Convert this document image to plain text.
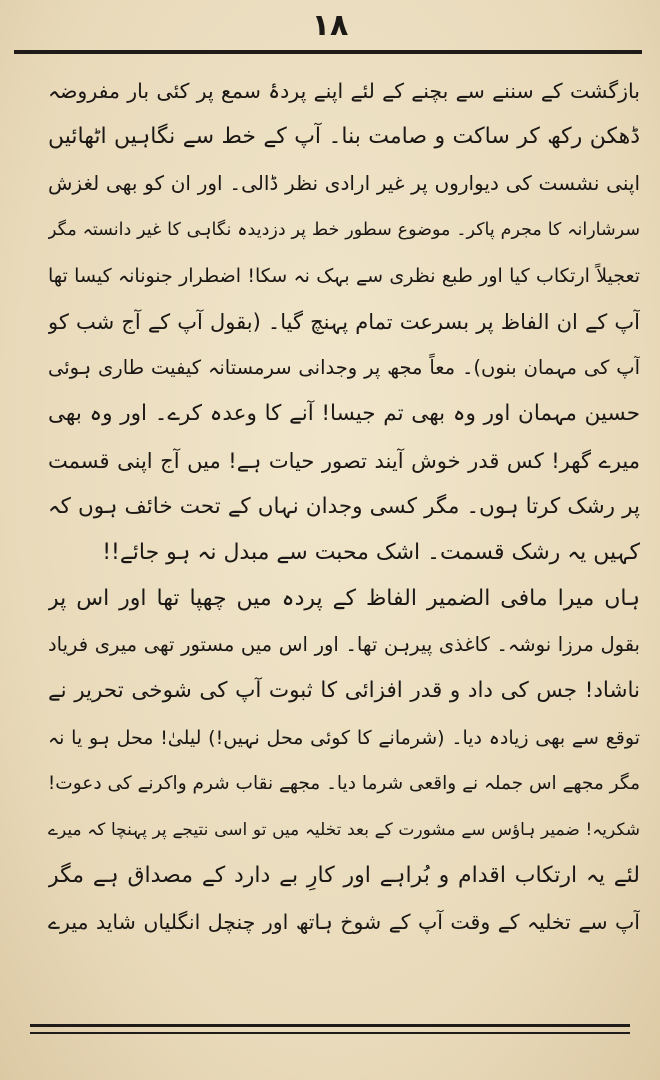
۱۸
بازگشت کے سننے سے بچنے کے لئے اپنے پردۂ سمع پر کئی بار مفروضہ
ڈھکن رکھ کر ساکت و صامت بنا۔ آپ کے خط سے نگاہیں اٹھائیں
اپنی نشست کی دیواروں پر غیر ارادی نظر ڈالی۔ اور ان کو بھی لغزش
سرشارانہ کا مجرم پاکر۔ موضوع سطور خط پر دزدیدہ نگاہی کا غیر دانستہ مگر
تعجیلاً ارتکاب کیا اور طبع نظری سے بہک نہ سکا! اضطرار جنونانہ کیسا تھا
آپ کے ان الفاظ پر بسرعت تمام پہنچ گیا۔ (بقول آپ کے آج شب کو
آپ کی مہمان بنوں)۔ معاً مجھ پر وجدانی سرمستانہ کیفیت طاری ہوئی
حسین مہمان اور وہ بھی تم جیسا! آنے کا وعدہ کرے۔ اور وہ بھی
میرے گھر! کس قدر خوش آیند تصور حیات ہے! میں آج اپنی قسمت
پر رشک کرتا ہوں۔ مگر کسی وجدان نہاں کے تحت خائف ہوں کہ
کہیں یہ رشک قسمت۔ اشک محبت سے مبدل نہ ہو جائے!!
ہاں میرا مافی الضمیر الفاظ کے پردہ میں چھپا تھا اور اس پر
بقول مرزا نوشہ۔ کاغذی پیرہن تھا۔ اور اس میں مستور تھی میری فریاد
ناشاد! جس کی داد و قدر افزائی کا ثبوت آپ کی شوخی تحریر نے
توقع سے بھی زیادہ دیا۔ (شرمانے کا کوئی محل نہیں!) لیلیٰ! محل ہو یا نہ
مگر مجھے اس جملہ نے واقعی شرما دیا۔ مجھے نقاب شرم واکرنے کی دعوت!
شکریہ! ضمیر ہاؤس سے مشورت کے بعد تخلیہ میں تو اسی نتیجے پر پہنچا کہ میرے
لئے یہ ارتکاب اقدام و بُراہے اور کارِ بے دارد کے مصداق ہے مگر
آپ سے تخلیہ کے وقت آپ کے شوخ ہاتھ اور چنچل انگلیاں شاید میرے
